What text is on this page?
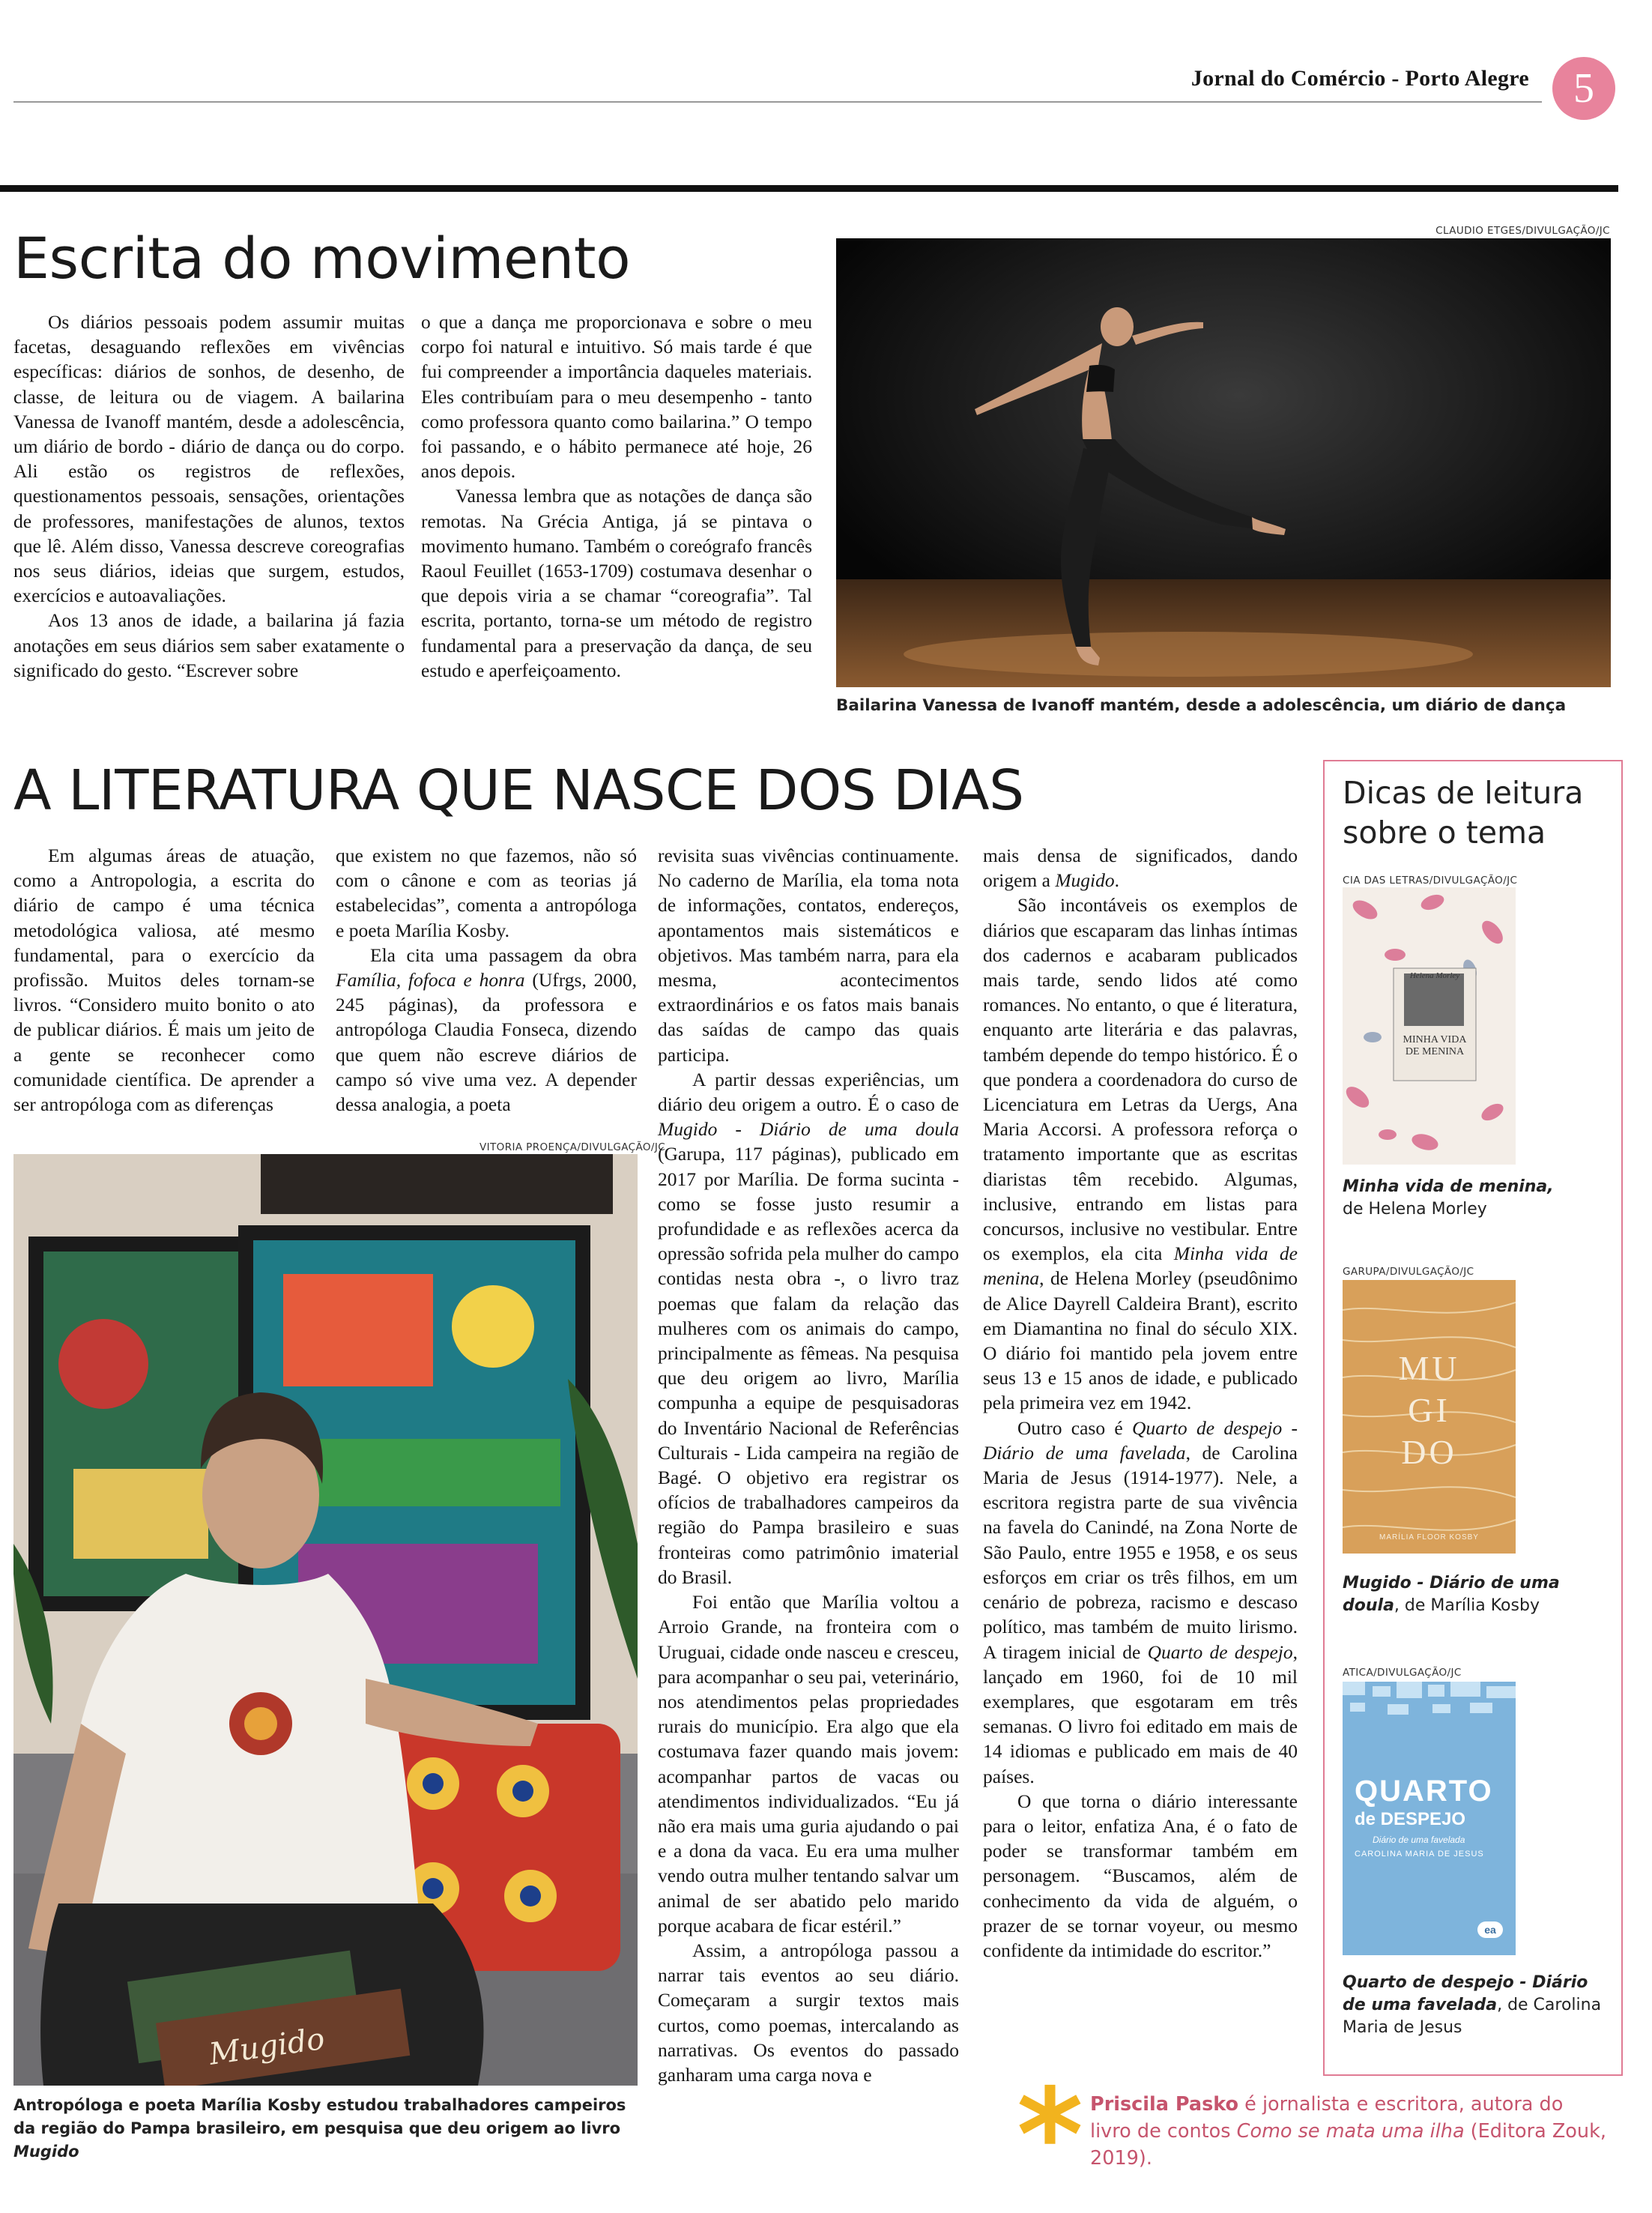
Jornal do Comércio - Porto Alegre	5
Escrita do movimento

Os diários pessoais podem assumir muitas facetas, desaguando reflexões em vivências específicas: diários de sonhos, de desenho, de classe, de leitura ou de viagem. A bailarina Vanessa de Ivanoff mantém, desde a adolescência, um diário de bordo - diário de dança ou do corpo. Ali estão os registros de reflexões, questionamentos pessoais, sensações, orientações de professores, manifestações de alunos, textos que lê. Além disso, Vanessa descreve coreografias nos seus diários, ideias que surgem, estudos, exercícios e autoavaliações.

Aos 13 anos de idade, a bailarina já fazia anotações em seus diários sem saber exatamente o significado do gesto. “Escrever sobre

o que a dança me proporcionava e sobre o meu corpo foi natural e intuitivo. Só mais tarde é que fui compreender a importância daqueles materiais. Eles contribuíam para o meu desempenho - tanto como professora quanto como bailarina.” O tempo foi passando, e o hábito permanece até hoje, 26 anos depois.

Vanessa lembra que as notações de dança são remotas. Na Grécia Antiga, já se pintava o movimento humano. Também o coreógrafo francês Raoul Feuillet (1653-1709) costumava desenhar o que depois viria a se chamar “coreografia”. Tal escrita, portanto, torna-se um método de registro fundamental para a preservação da dança, de seu estudo e aperfeiçoamento.

CLAUDIO ETGES/DIVULGAÇÃO/JC
Bailarina Vanessa de Ivanoff mantém, desde a adolescência, um diário de dança
A LITERATURA QUE NASCE DOS DIAS

Em algumas áreas de atuação, como a Antropologia, a escrita do diário de campo é uma técnica metodológica valiosa, até mesmo fundamental, para o exercício da profissão. Muitos deles tornam-se livros. “Considero muito bonito o ato de publicar diários. É mais um jeito de a gente se reconhecer como comunidade científica. De aprender a ser antropóloga com as diferenças

que existem no que fazemos, não só com o cânone e com as teorias já estabelecidas”, comenta a antropóloga e poeta Marília Kosby.

Ela cita uma passagem da obra Família, fofoca e honra (Ufrgs, 2000, 245 páginas), da professora e antropóloga Claudia Fonseca, dizendo que quem não escreve diários de campo só vive uma vez. A depender dessa analogia, a poeta

VITORIA PROENÇA/DIVULGAÇÃO/JC
Mugido
Antropóloga e poeta Marília Kosby estudou trabalhadores campeiros da região do Pampa brasileiro, em pesquisa que deu origem ao livro Mugido

revisita suas vivências continuamente. No caderno de Marília, ela toma nota de informações, contatos, endereços, apontamentos mais sistemáticos e objetivos. Mas também narra, para ela mesma, acontecimentos extraordinários e os fatos mais banais das saídas de campo das quais participa.

A partir dessas experiências, um diário deu origem a outro. É o caso de Mugido - Diário de uma doula (Garupa, 117 páginas), publicado em 2017 por Marília. De forma sucinta - como se fosse justo resumir a profundidade e as reflexões acerca da opressão sofrida pela mulher do campo contidas nesta obra -, o livro traz poemas que falam da relação das mulheres com os animais do campo, principalmente as fêmeas. Na pesquisa que deu origem ao livro, Marília compunha a equipe de pesquisadoras do Inventário Nacional de Referências Culturais - Lida campeira na região de Bagé. O objetivo era registrar os ofícios de trabalhadores campeiros da região do Pampa brasileiro e suas fronteiras como patrimônio imaterial do Brasil.

Foi então que Marília voltou a Arroio Grande, na fronteira com o Uruguai, cidade onde nasceu e cresceu, para acompanhar o seu pai, veterinário, nos atendimentos pelas propriedades rurais do município. Era algo que ela costumava fazer quando mais jovem: acompanhar partos de vacas ou atendimentos individualizados. “Eu já não era mais uma guria ajudando o pai e a dona da vaca. Eu era uma mulher vendo outra mulher tentando salvar um animal de ser abatido pelo marido porque acabara de ficar estéril.”

Assim, a antropóloga passou a narrar tais eventos ao seu diário. Começaram a surgir textos mais curtos, como poemas, intercalando as narrativas. Os eventos do passado ganharam uma carga nova e

mais densa de significados, dando origem a Mugido.

São incontáveis os exemplos de diários que escaparam das linhas íntimas dos cadernos e acabaram publicados mais tarde, sendo lidos até como romances. No entanto, o que é literatura, enquanto arte literária e das palavras, também depende do tempo histórico. É o que pondera a coordenadora do curso de Licenciatura em Letras da Uergs, Ana Maria Accorsi. A professora reforça o tratamento importante que as escritas diaristas têm recebido. Algumas, inclusive, entrando em listas para concursos, inclusive no vestibular. Entre os exemplos, ela cita Minha vida de menina, de Helena Morley (pseudônimo de Alice Dayrell Caldeira Brant), escrito em Diamantina no final do século XIX. O diário foi mantido pela jovem entre seus 13 e 15 anos de idade, e publicado pela primeira vez em 1942.

Outro caso é Quarto de despejo - Diário de uma favelada, de Carolina Maria de Jesus (1914-1977). Nele, a escritora registra parte de sua vivência na favela do Canindé, na Zona Norte de São Paulo, entre 1955 e 1958, e os seus esforços em criar os três filhos, em um cenário de pobreza, racismo e descaso político, mas também de muito lirismo. A tiragem inicial de Quarto de despejo, lançado em 1960, foi de 10 mil exemplares, que esgotaram em três semanas. O livro foi editado em mais de 14 idiomas e publicado em mais de 40 países.

O que torna o diário interessante para o leitor, enfatiza Ana, é o fato de poder se transformar também em personagem. “Buscamos, além de conhecimento da vida de alguém, o prazer de se tornar voyeur, ou mesmo confidente da intimidade do escritor.”

Dicas de leitura sobre o tema
CIA DAS LETRAS/DIVULGAÇÃO/JC
Helena Morley
MINHA VIDA DE MENINA
Minha vida de menina,
de Helena Morley
GARUPA/DIVULGAÇÃO/JC
MU
GI
DO
MARÍLIA FLOOR KOSBY
Mugido - Diário de uma doula, de Marília Kosby
ATICA/DIVULGAÇÃO/JC
QUARTO
de DESPEJO
Diário de uma favelada
CAROLINA MARIA DE JESUS
ea
Quarto de despejo - Diário de uma favelada, de Carolina Maria de Jesus
* Priscila Pasko é jornalista e escritora, autora do livro de contos Como se mata uma ilha (Editora Zouk, 2019).
